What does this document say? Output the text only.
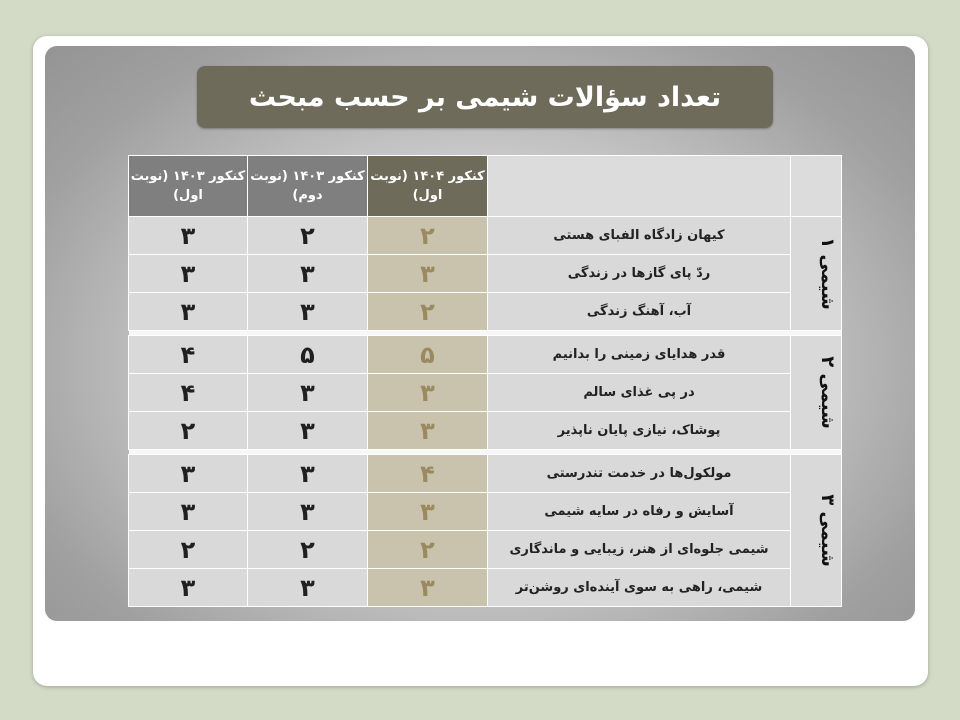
تعداد سؤالات شیمی بر حسب مبحث
کنکور ۱۴۰۳ (نوبت اول)	کنکور ۱۴۰۳ (نوبت دوم)	کنکور ۱۴۰۴ (نوبت اول)		
۳	۲	۲	کیهان زادگاه الفبای هستی	شیمی ۱
۳	۳	۳	ردّ پای گازها در زندگی	
۳	۳	۲	آب، آهنگ زندگی	

۴	۵	۵	قدر هدایای زمینی را بدانیم	شیمی ۲
۴	۳	۳	در پی غذای سالم	
۲	۳	۳	پوشاک، نیازی پایان ناپذیر	

۳	۳	۴	مولکول‌ها در خدمت تندرستی	شیمی ۳
۳	۳	۳	آسایش و رفاه در سایه شیمی	
۲	۲	۲	شیمی جلوه‌ای از هنر، زیبایی و ماندگاری	
۳	۳	۳	شیمی، راهی به سوی آینده‌ای روشن‌تر	
